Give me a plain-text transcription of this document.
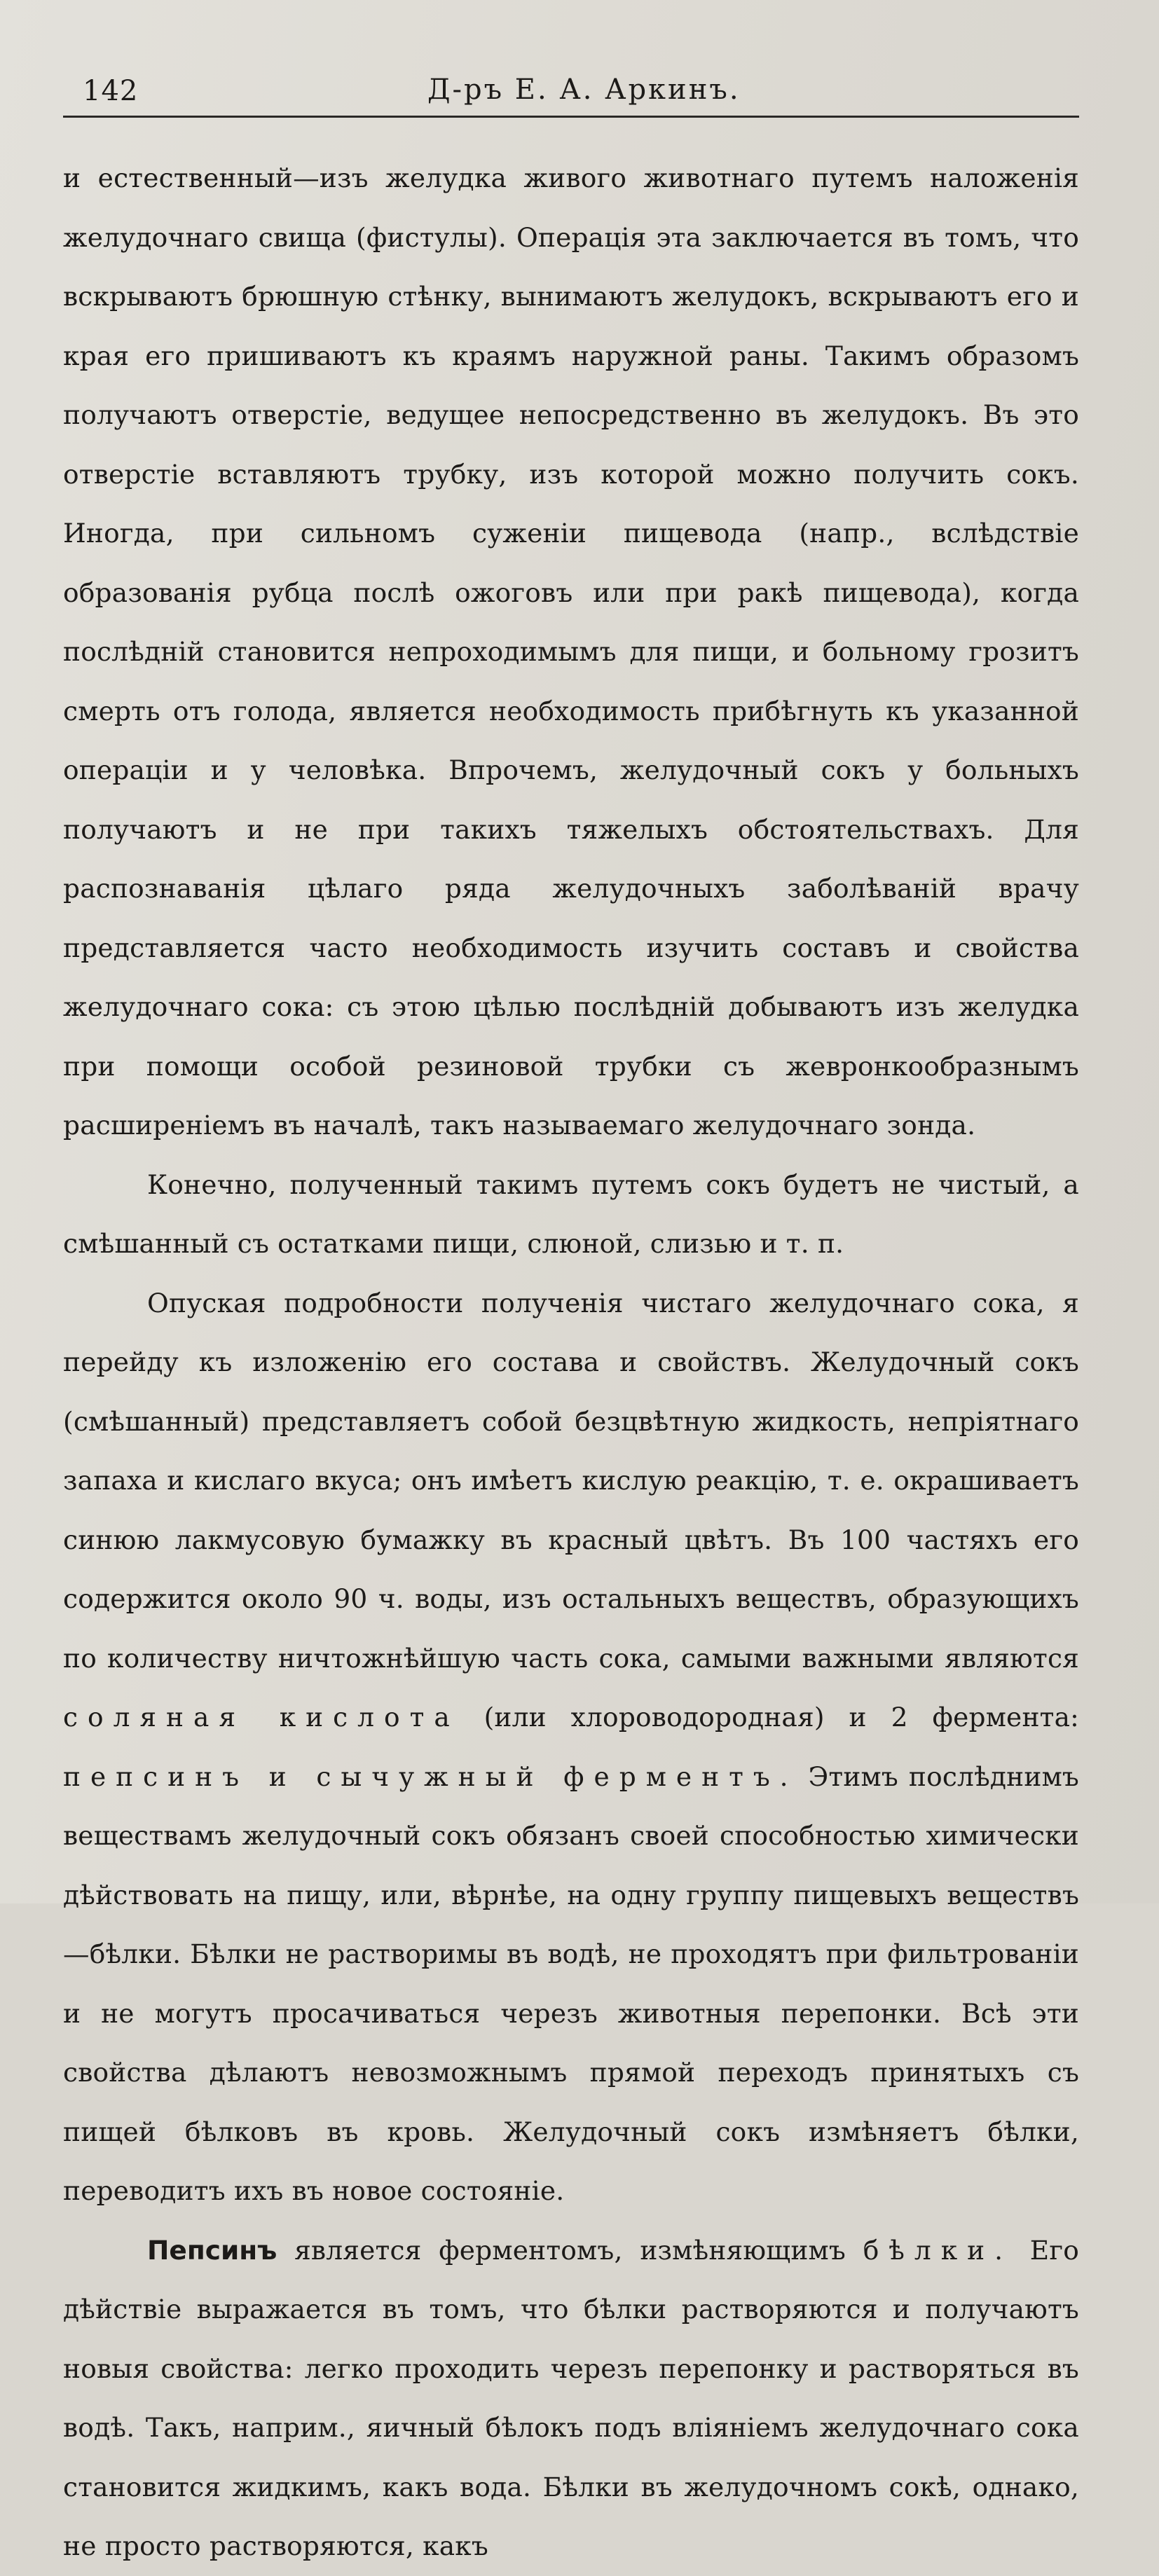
142	Д-ръ Е. А. Аркинъ.

и естественный—изъ желудка живого животнаго путемъ наложенія желудочнаго свища (фистулы). Операція эта заключается въ томъ, что вскрываютъ брюшную стѣнку, вынимаютъ желудокъ, вскрываютъ его и края его пришиваютъ къ краямъ наружной раны. Такимъ образомъ получаютъ отверстіе, ведущее непосредственно въ желудокъ. Въ это отверстіе вставляютъ трубку, изъ которой можно получить сокъ. Иногда, при сильномъ суженіи пищевода (напр., вслѣдствіе образованія рубца послѣ ожоговъ или при ракѣ пищевода), когда послѣдній становится непроходимымъ для пищи, и больному грозитъ смерть отъ голода, является необходимость прибѣгнуть къ указанной операціи и у человѣка. Впрочемъ, желудочный сокъ у больныхъ получаютъ и не при такихъ тяжелыхъ обстоятельствахъ. Для распознаванія цѣлаго ряда желудочныхъ заболѣваній врачу представляется часто необходимость изучить составъ и свойства желудочнаго сока: съ этою цѣлью послѣдній добываютъ изъ желудка при помощи особой резиновой трубки съ жевронкообразнымъ расширеніемъ въ началѣ, такъ называемаго желудочнаго зонда.

Конечно, полученный такимъ путемъ сокъ будетъ не чистый, а смѣшанный съ остатками пищи, слюной, слизью и т. п.

Опуская подробности полученія чистаго желудочнаго сока, я перейду къ изложенію его состава и свойствъ. Желудочный сокъ (смѣшанный) представляетъ собой безцвѣтную жидкость, непріятнаго запаха и кислаго вкуса; онъ имѣетъ кислую реакцію, т. е. окрашиваетъ синюю лакмусовую бумажку въ красный цвѣтъ. Въ 100 частяхъ его содержится около 90 ч. воды, изъ остальныхъ веществъ, образующихъ по количеству ничтожнѣйшую часть сока, самыми важными являются соляная кислота (или хлороводородная) и 2 фермента: пепсинъ и сычужный ферментъ. Этимъ послѣднимъ веществамъ желудочный сокъ обязанъ своей способностью химически дѣйствовать на пищу, или, вѣрнѣе, на одну группу пищевыхъ веществъ—бѣлки. Бѣлки не растворимы въ водѣ, не проходятъ при фильтрованіи и не могутъ просачиваться черезъ животныя перепонки. Всѣ эти свойства дѣлаютъ невозможнымъ прямой переходъ принятыхъ съ пищей бѣлковъ въ кровь. Желудочный сокъ измѣняетъ бѣлки, переводитъ ихъ въ новое состояніе.

Пепсинъ является ферментомъ, измѣняющимъ бѣлки. Его дѣйствіе выражается въ томъ, что бѣлки растворяются и получаютъ новыя свойства: легко проходить черезъ перепонку и растворяться въ водѣ. Такъ, наприм., яичный бѣлокъ подъ вліяніемъ желудочнаго сока становится жидкимъ, какъ вода. Бѣлки въ желудочномъ сокѣ, однако, не просто растворяются, какъ
